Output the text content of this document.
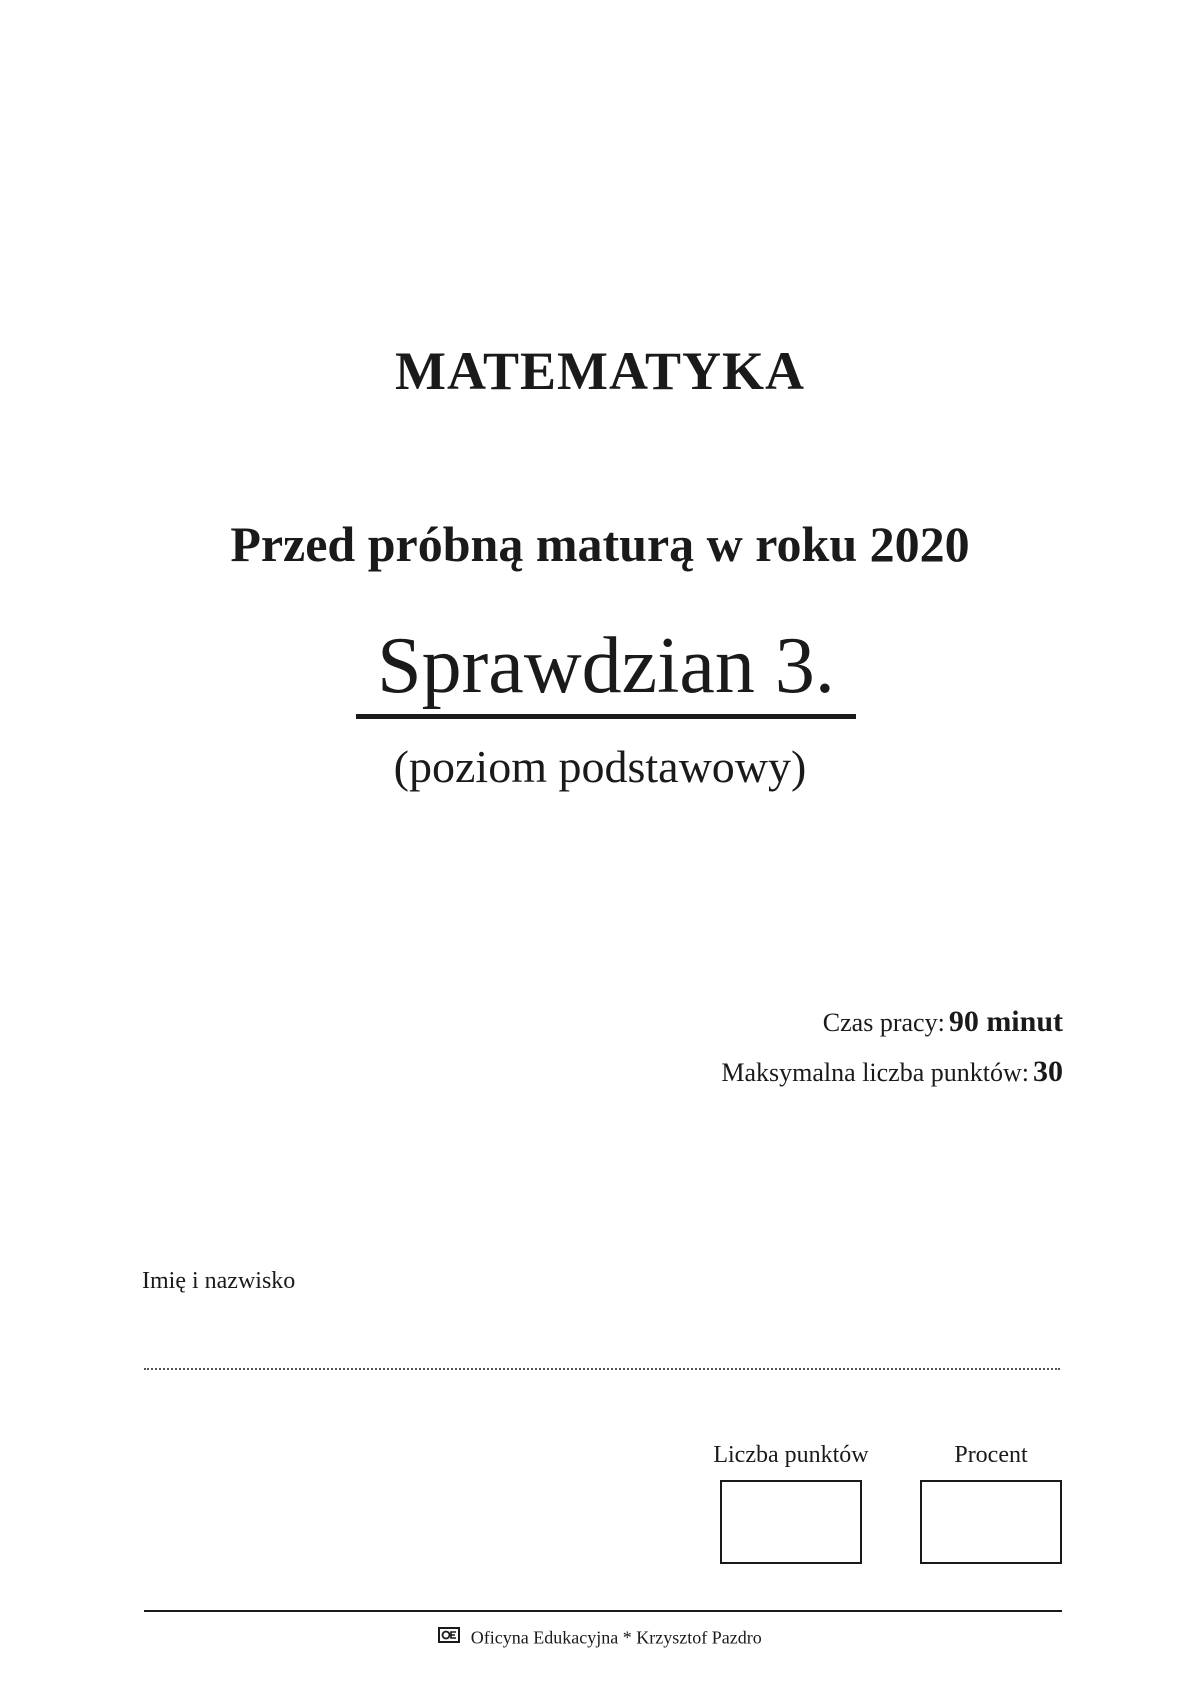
MATEMATYKA
Przed próbną maturą w roku 2020
Sprawdzian 3.
(poziom podstawowy)
Czas pracy: 90 minut
Maksymalna liczba punktów: 30
Imię i nazwisko
Liczba punktów	Procent
Oficyna Edukacyjna * Krzysztof Pazdro
